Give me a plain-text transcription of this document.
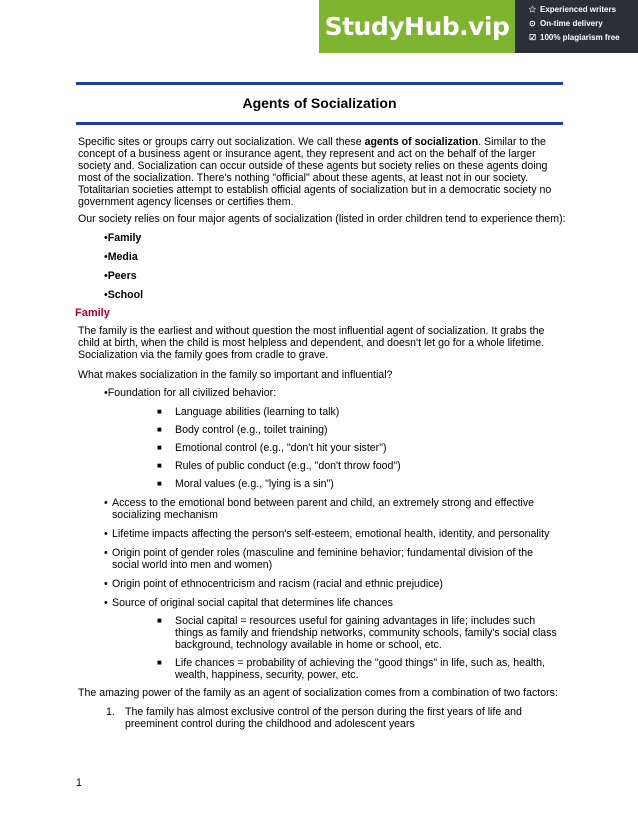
StudyHub.vip
✩ Experienced writers
⊙ On-time delivery
☑ 100% plagiarism free
Agents of Socialization
Specific sites or groups carry out socialization. We call these agents of socialization. Similar to the concept of a business agent or insurance agent, they represent and act on the behalf of the larger society and. Socialization can occur outside of these agents but society relies on these agents doing most of the socialization. There's nothing "official" about these agents, at least not in our society. Totalitarian societies attempt to establish official agents of socialization but in a democratic society no government agency licenses or certifies them.
Our society relies on four major agents of socialization (listed in order children tend to experience them):
•Family
•Media
•Peers
•School
Family
The family is the earliest and without question the most influential agent of socialization. It grabs the child at birth, when the child is most helpless and dependent, and doesn't let go for a whole lifetime. Socialization via the family goes from cradle to grave.
What makes socialization in the family so important and influential?
•Foundation for all civilized behavior:
■ Language abilities (learning to talk)
■ Body control (e.g., toilet training)
■ Emotional control (e.g., "don't hit your sister")
■ Rules of public conduct (e.g., "don't throw food")
■ Moral values (e.g., "lying is a sin")
• Access to the emotional bond between parent and child, an extremely strong and effective socializing mechanism
• Lifetime impacts affecting the person's self-esteem, emotional health, identity, and personality
• Origin point of gender roles (masculine and feminine behavior; fundamental division of the social world into men and women)
• Origin point of ethnocentricism and racism (racial and ethnic prejudice)
• Source of original social capital that determines life chances
■ Social capital = resources useful for gaining advantages in life; includes such things as family and friendship networks, community schools, family's social class background, technology available in home or school, etc.
■ Life chances = probability of achieving the "good things" in life, such as, health, wealth, happiness, security, power, etc.
The amazing power of the family as an agent of socialization comes from a combination of two factors:
1. The family has almost exclusive control of the person during the first years of life and preeminent control during the childhood and adolescent years
1
